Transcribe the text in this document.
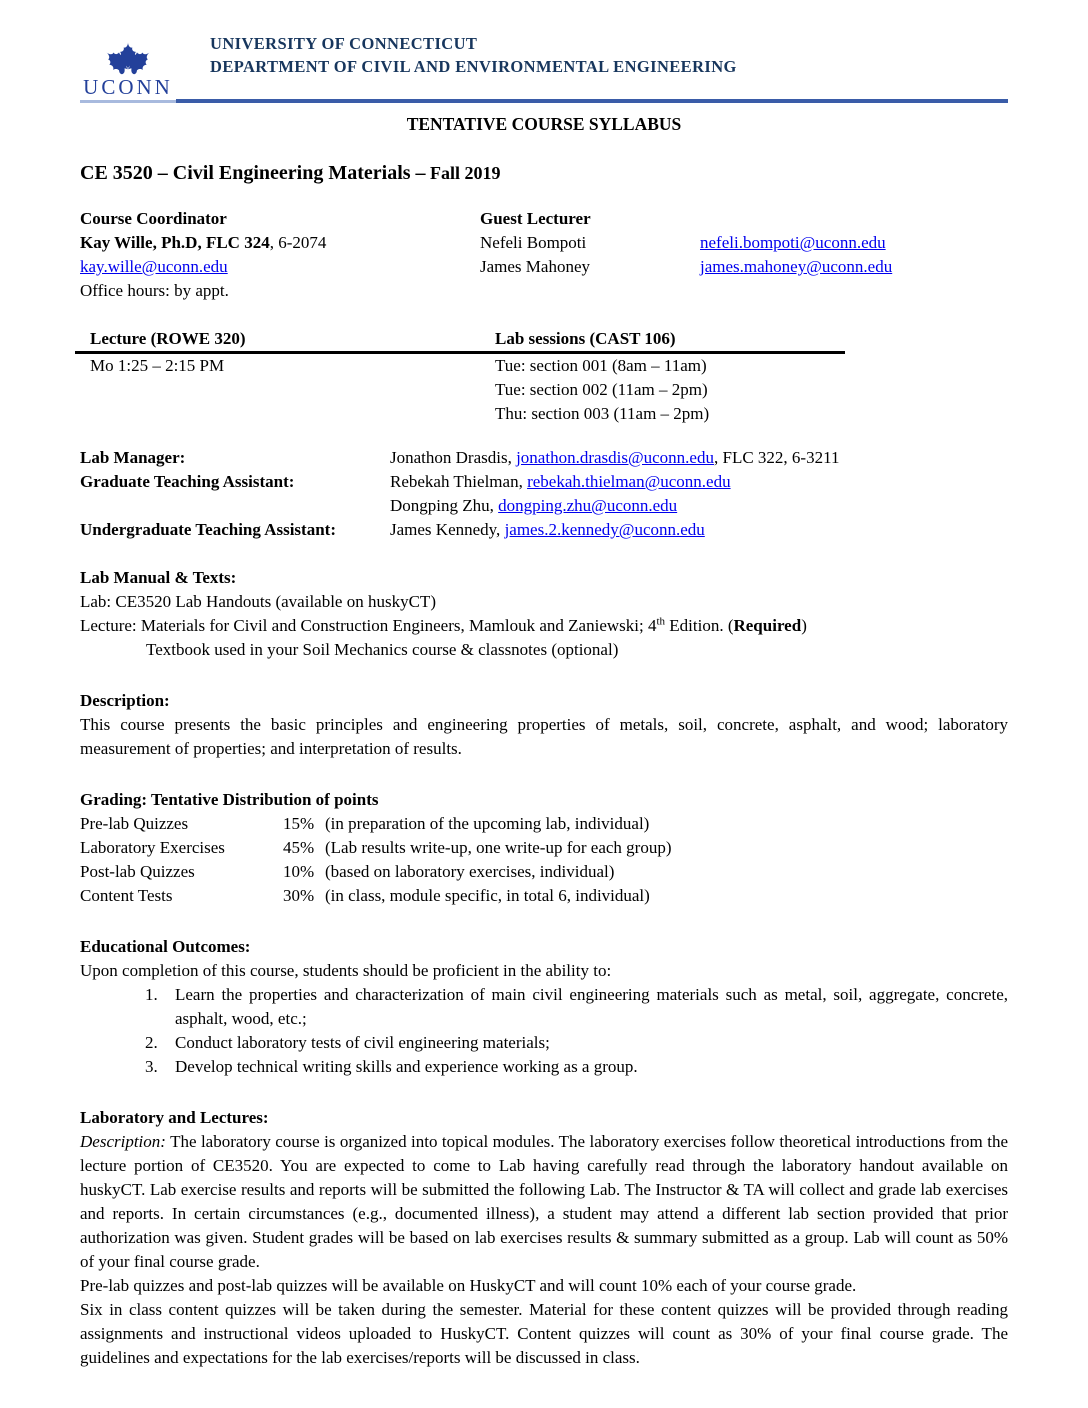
UCONN
UNIVERSITY OF CONNECTICUT
DEPARTMENT OF CIVIL AND ENVIRONMENTAL ENGINEERING
TENTATIVE COURSE SYLLABUS
CE 3520 – Civil Engineering Materials – Fall 2019
Course Coordinator	Guest Lecturer
Kay Wille, Ph.D, FLC 324, 6-2074	Nefeli Bompoti	nefeli.bompoti@uconn.edu
kay.wille@uconn.edu	James Mahoney	james.mahoney@uconn.edu
Office hours: by appt.
Lecture (ROWE 320)	Lab sessions (CAST 106)
Mo 1:25 – 2:15 PM	Tue: section 001 (8am – 11am)
Tue: section 002 (11am – 2pm)
Thu: section 003 (11am – 2pm)
Lab Manager:	Jonathon Drasdis, jonathon.drasdis@uconn.edu, FLC 322, 6-3211
Graduate Teaching Assistant:	Rebekah Thielman, rebekah.thielman@uconn.edu
Dongping Zhu, dongping.zhu@uconn.edu
Undergraduate Teaching Assistant:	James Kennedy, james.2.kennedy@uconn.edu
Lab Manual & Texts:
Lab: CE3520 Lab Handouts (available on huskyCT)
Lecture: Materials for Civil and Construction Engineers, Mamlouk and Zaniewski; 4th Edition. (Required)
Textbook used in your Soil Mechanics course & classnotes (optional)
Description:
This course presents the basic principles and engineering properties of metals, soil, concrete, asphalt, and wood; laboratory measurement of properties; and interpretation of results.
Grading: Tentative Distribution of points
Pre-lab Quizzes	15% (in preparation of the upcoming lab, individual)
Laboratory Exercises	45% (Lab results write-up, one write-up for each group)
Post-lab Quizzes	10% (based on laboratory exercises, individual)
Content Tests	30% (in class, module specific, in total 6, individual)
Educational Outcomes:
Upon completion of this course, students should be proficient in the ability to:
1.	Learn the properties and characterization of main civil engineering materials such as metal, soil, aggregate, concrete, asphalt, wood, etc.;
2.	Conduct laboratory tests of civil engineering materials;
3.	Develop technical writing skills and experience working as a group.
Laboratory and Lectures:
Description: The laboratory course is organized into topical modules. The laboratory exercises follow theoretical introductions from the lecture portion of CE3520. You are expected to come to Lab having carefully read through the laboratory handout available on huskyCT. Lab exercise results and reports will be submitted the following Lab. The Instructor & TA will collect and grade lab exercises and reports. In certain circumstances (e.g., documented illness), a student may attend a different lab section provided that prior authorization was given. Student grades will be based on lab exercises results & summary submitted as a group. Lab will count as 50% of your final course grade.
Pre-lab quizzes and post-lab quizzes will be available on HuskyCT and will count 10% each of your course grade.
Six in class content quizzes will be taken during the semester. Material for these content quizzes will be provided through reading assignments and instructional videos uploaded to HuskyCT. Content quizzes will count as 30% of your final course grade. The guidelines and expectations for the lab exercises/reports will be discussed in class.
